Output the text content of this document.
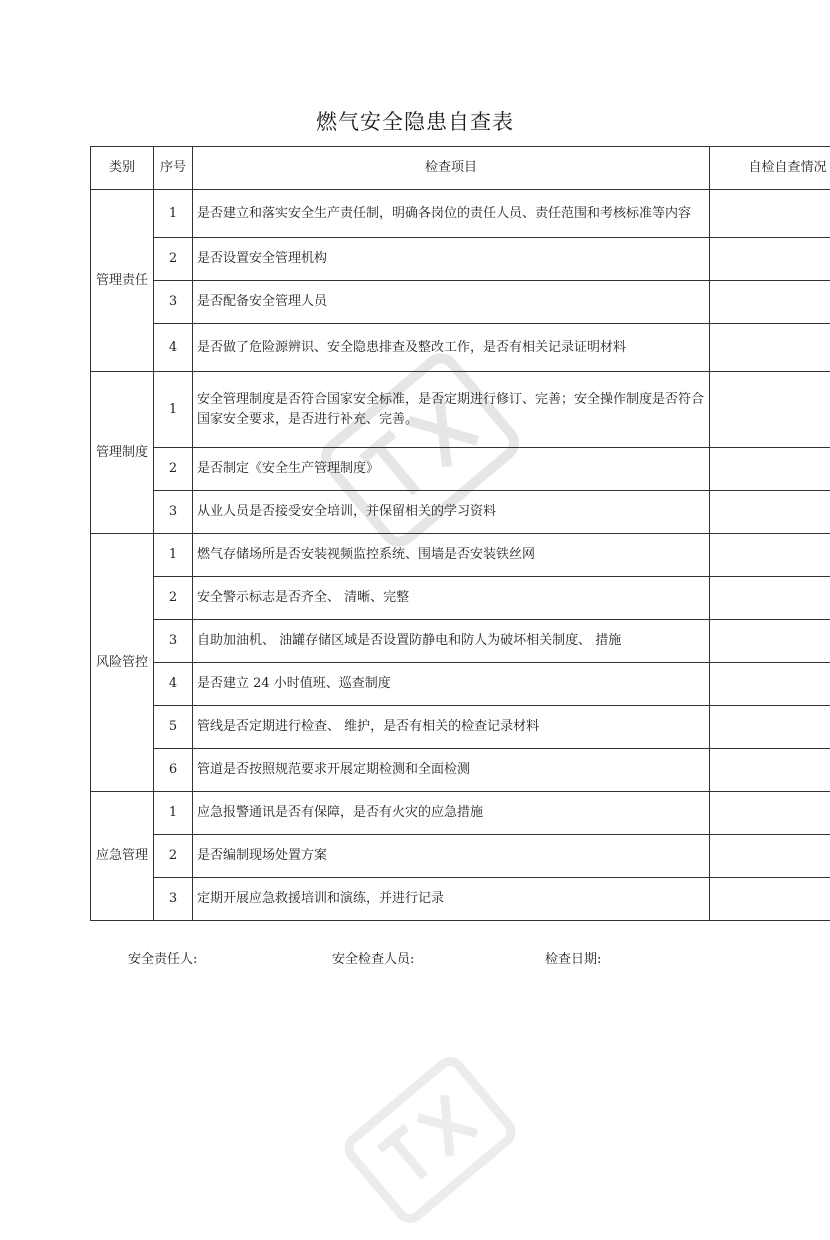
燃气安全隐患自查表
类别	序号	检查项目	自检自查情况
管理责任	1	是否建立和落实安全生产责任制，明确各岗位的责任人员、责任范围和考核标准等内容	
	2	是否设置安全管理机构	
	3	是否配备安全管理人员	
	4	是否做了危险源辨识、安全隐患排查及整改工作，是否有相关记录证明材料	
管理制度	1	安全管理制度是否符合国家安全标准，是否定期进行修订、完善；安全操作制度是否符合国家安全要求，是否进行补充、完善。	
	2	是否制定《安全生产管理制度》	
	3	从业人员是否接受安全培训，并保留相关的学习资料	
风险管控	1	燃气存储场所是否安装视频监控系统、围墙是否安装铁丝网	
	2	安全警示标志是否齐全、 清晰、完整	
	3	自助加油机、 油罐存储区域是否设置防静电和防人为破坏相关制度、 措施	
	4	是否建立 24 小时值班、巡查制度	
	5	管线是否定期进行检查、 维护，是否有相关的检查记录材料	
	6	管道是否按照规范要求开展定期检测和全面检测	
应急管理	1	应急报警通讯是否有保障，是否有火灾的应急措施	
	2	是否编制现场处置方案	
	3	定期开展应急救援培训和演练，并进行记录	
安全责任人:	安全检查人员:	检查日期:
